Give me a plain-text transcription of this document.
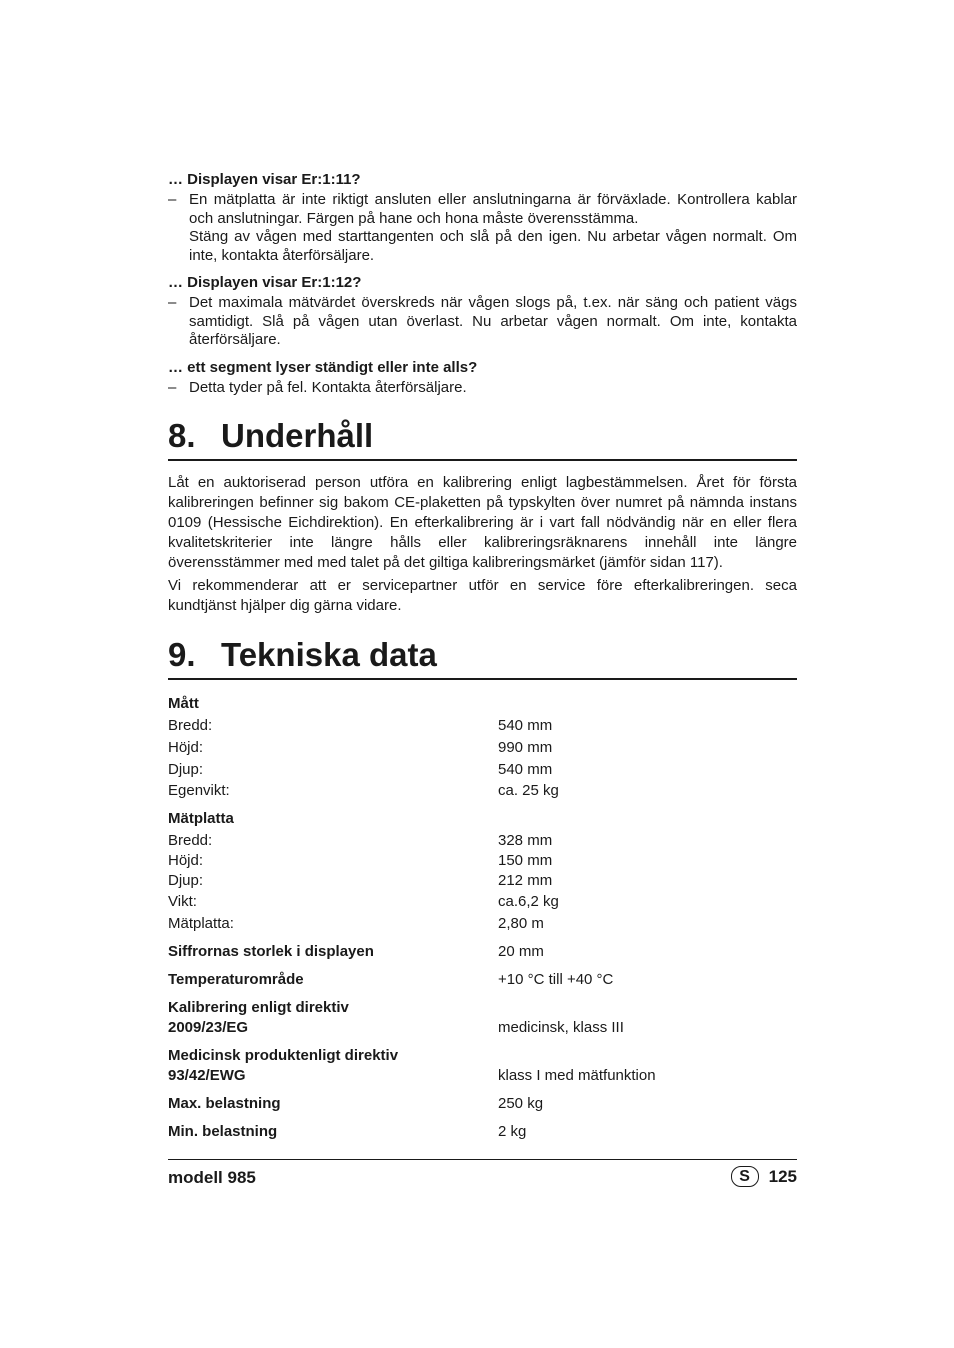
… Displayen visar Er:1:11?

– En mätplatta är inte riktigt ansluten eller anslutningarna är förväxlade. Kontrollera kablar och anslutningar. Färgen på hane och hona måste överensstämma.

Stäng av vågen med starttangenten och slå på den igen. Nu arbetar vågen normalt. Om inte, kontakta återförsäljare.

… Displayen visar Er:1:12?

– Det maximala mätvärdet överskreds när vågen slogs på, t.ex. när säng och patient vägs samtidigt. Slå på vågen utan överlast. Nu arbetar vågen normalt. Om inte, kontakta återförsäljare.

… ett segment lyser ständigt eller inte alls?

– Detta tyder på fel. Kontakta återförsäljare.

8. Underhåll

Låt en auktoriserad person utföra en kalibrering enligt lagbestämmelsen. Året för första kalibreringen befinner sig bakom CE-plaketten på typskylten över numret på nämnda instans 0109 (Hessische Eichdirektion). En efterkalibrering är i vart fall nödvändig när en eller flera kvalitetskriterier inte längre hålls eller kalibreringsräknarens innehåll inte längre överensstämmer med med talet på det giltiga kalibreringsmärket (jämför sidan 117).

Vi rekommenderar att er servicepartner utför en service före efterkalibreringen. seca kundtjänst hjälper dig gärna vidare.

9. Tekniska data
Mått	
Bredd:	540 mm
Höjd:	990 mm
Djup:	540 mm
Egenvikt:	ca. 25 kg
Mätplatta	
Bredd:	328 mm
Höjd:	150 mm
Djup:	212 mm
Vikt:	ca.6,2 kg
Mätplatta:	2,80 m
Siffrornas storlek i displayen	20 mm
Temperaturområde	+10 °C till +40 °C
Kalibrering enligt direktiv	
2009/23/EG	medicinsk, klass III
Medicinsk produktenligt direktiv	
93/42/EWG	klass I med mätfunktion
Max. belastning	250 kg
Min. belastning	2 kg
modell 985	S	125
